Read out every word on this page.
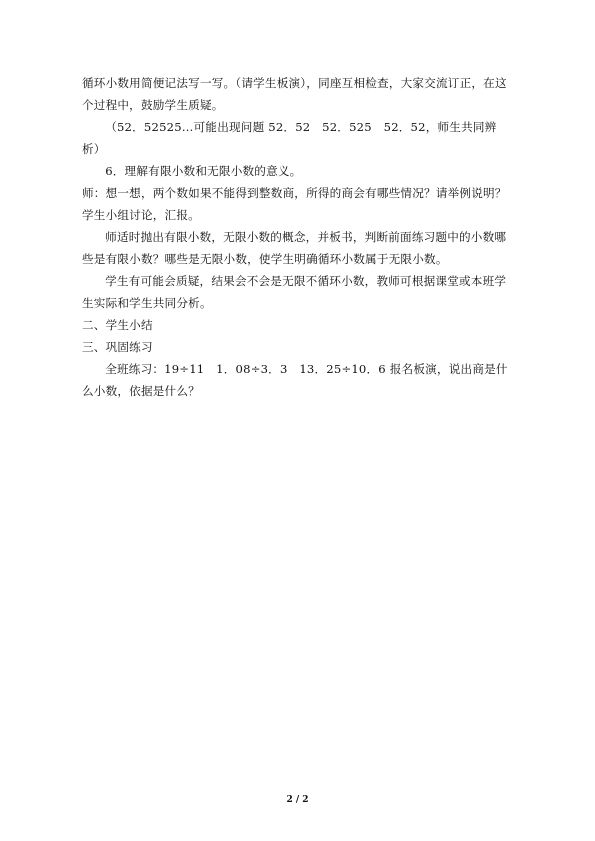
循环小数用简便记法写一写。（请学生板演），同座互相检查，大家交流订正，在这个过程中，鼓励学生质疑。

（52．52525…可能出现问题 52．52　52．525　52．52，师生共同辨析）

6．理解有限小数和无限小数的意义。

师：想一想，两个数如果不能得到整数商，所得的商会有哪些情况？请举例说明？

学生小组讨论，汇报。

师适时抛出有限小数，无限小数的概念，并板书，判断前面练习题中的小数哪些是有限小数？哪些是无限小数，使学生明确循环小数属于无限小数。

学生有可能会质疑，结果会不会是无限不循环小数，教师可根据课堂或本班学生实际和学生共同分析。

二、学生小结

三、巩固练习

全班练习：19÷11　1．08÷3．3　13．25÷10．6 报名板演，说出商是什么小数，依据是什么？

2 / 2
